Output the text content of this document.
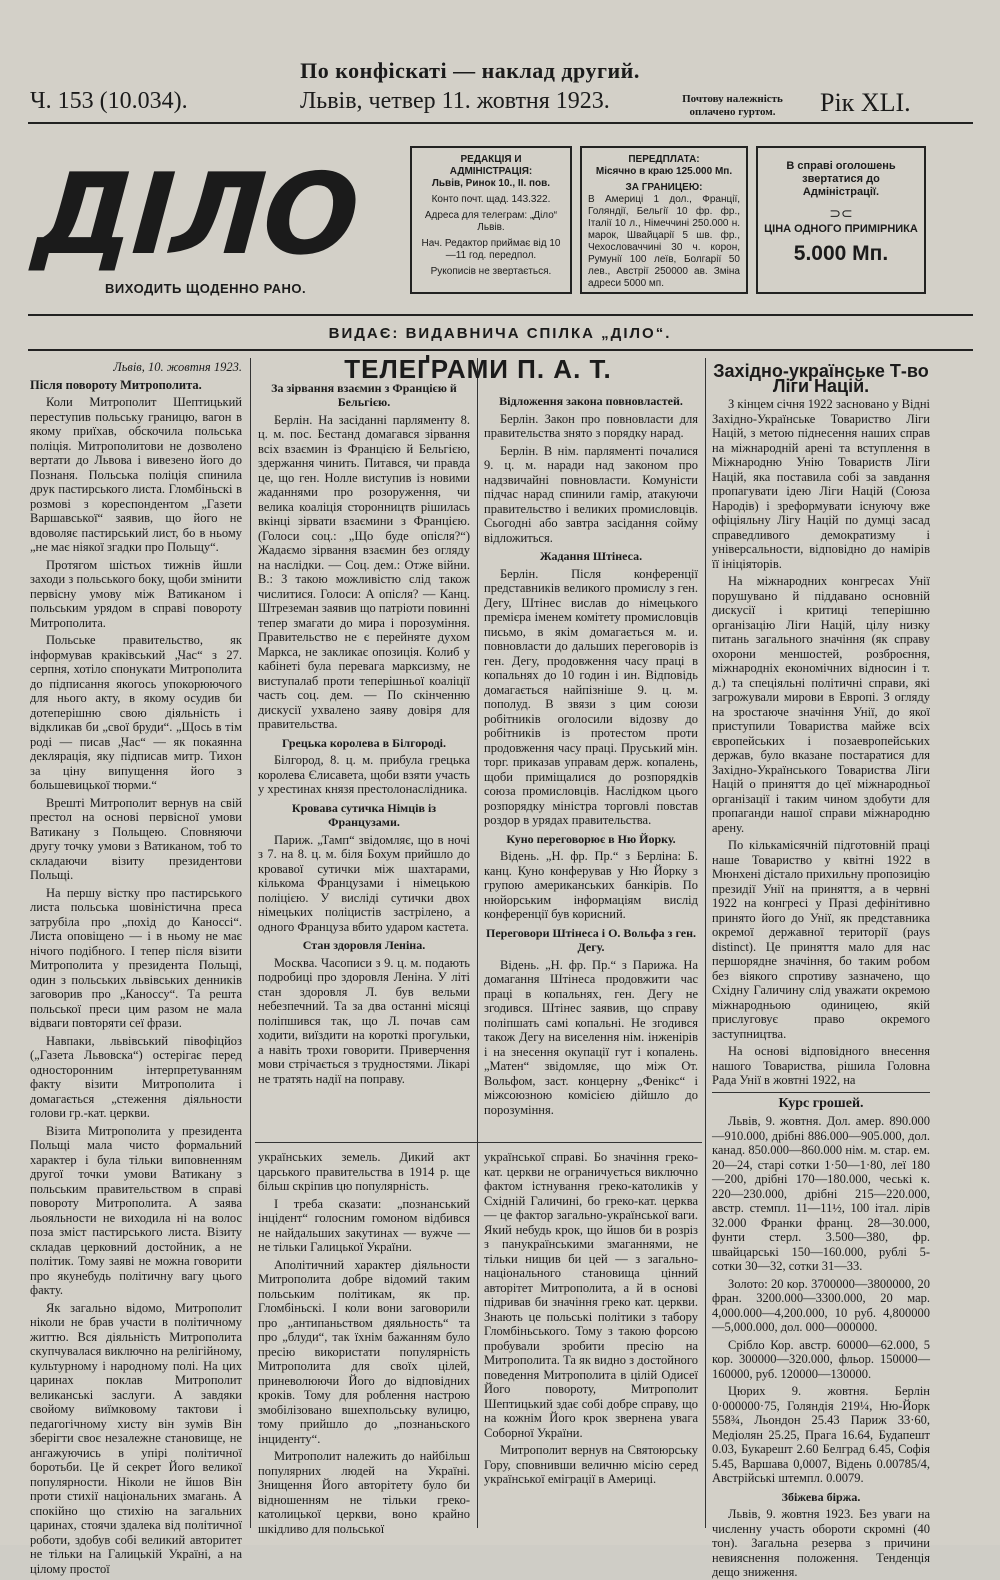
По конфіскаті — наклад другий.
Ч. 153 (10.034).	Львів, четвер 11. жовтня 1923.	Почтову належність оплачено гуртом.	Рік XLI.
ДІЛО
ВИХОДИТЬ ЩОДЕННО РАНО.
РЕДАКЦІЯ И АДМІНІСТРАЦІЯ:
Львів, Ринок 10., II. пов.
Конто почт. щад. 143.322.
Адреса для телеграм: „Діло“ Львів.
Нач. Редактор приймає від 10—11 год. передпол.
Рукописів не звертається.
ПЕРЕДПЛАТА:
Місячно в краю 125.000 Мп.
ЗА ГРАНИЦЕЮ:
В Америці 1 дол., Франції, Голяндії, Бельгії 10 фр. фр., Італії 10 л., Німеччині 250.000 н. марок, Швайцарії 5 шв. фр., Чехословаччині 30 ч. корон, Румунії 100 леїв, Болгарії 50 лев., Австрії 250000 ав. Зміна адреси 5000 мп.
В справі оголошень звертатися до Адміністрації.
⊃⊂
ЦІНА ОДНОГО ПРИМІРНИКА
5.000 Мп.
ВИДАЄ: ВИДАВНИЧА СПІЛКА „ДІЛО“.
Львів, 10. жовтня 1923.

Після повороту Митрополита.

Коли Митрополит Шептицький переступив польську границю, вагон в якому приїхав, обскочила польська поліція. Митрополитови не дозволено вертати до Львова і вивезено його до Познаня. Польська поліція спинила друк пастирського листа. Гломбіньскі в розмові з кореспондентом „Газети Варшавської“ заявив, що його не вдоволяє пастирський лист, бо в ньому „не має ніякої згадки про Польщу“.

Протягом шістьох тижнів йшли заходи з польського боку, щоби змінити первісну умову між Ватиканом і польським урядом в справі повороту Митрополита.

Польське правительство, як інформував краківський „Час“ з 27. серпня, хотіло спонукати Митрополита до підписання якогось упокорюючого для нього акту, в якому осудив би дотеперішню свою діяльність і відкликав би „свої бруди“. „Щось в тім роді — писав „Час“ — як покаянна деклярація, яку підписав митр. Тихон за ціну випущення його з большевицької тюрми.“

Врешті Митрополит вернув на свій престол на основі первісної умови Ватикану з Польщею. Сповняючи другу точку умови з Ватиканом, тоб то складаючи візиту президентови Польщі.

На першу вістку про пастирського листа польська шовіністична преса затрубіла про „похід до Каноссі“. Листа оповіщено — і в ньому не має нічого подібного. І тепер після візити Митрополита у президента Польщі, один з польських львівських денників заговорив про „Каноссу“. Та решта польської преси цим разом не мала відваги повторяти сеї фрази.

Навпаки, львівський півофіцйоз („Газета Львовска“) остерігає перед односторонним інтерпретуванням факту візити Митрополита і домагається „стеження діяльности голови гр.-кат. церкви.

Візита Митрополита у президента Польщі мала чисто формальний характер і була тільки виповненням другої точки умови Ватикану з польським правительством в справі повороту Митрополита. А заява льояльности не виходила ні на волос поза зміст пастирського листа. Візиту складав церковний достойник, а не політик. Тому заяві не можна говорити про якунебудь політичну вагу цього факту.

Як загально відомо, Митрополит ніколи не брав участи в політичному життю. Вся діяльність Митрополита скупчувалася виключно на релігійному, культурному і народному полі. На цих царинах поклав Митрополит великанські заслуги. А завдяки свойому виїмковому тактови і педагогічному хисту він зумів Він зберігти своє незалежне становище, не ангажуючись в упірі політичної боротьби. Це й секрет Його великої популярности. Ніколи не йшов Він проти стихії національних змагань. А спокійно що стихію на загальних царинах, стоячи здалека від політичної роботи, здобув собі великий авторитет не тільки на Галицькій Україні, а на цілому простої

ТЕЛЕҐРАМИ П. А. Т.
За зірвання взаємин з Францією й Бельгією.

Берлін. На засіданні парляменту 8. ц. м. пос. Бестанд домагався зірвання всіх взаємин із Францією й Бельгією, здержання чинить. Питався, чи правда це, що ген. Нолле виступив із новими жаданнями про розоруження, чи велика коаліція сторонництв рішилась вкінці зірвати взаємини з Францією. (Голоси соц.: „Що буде опісля?“) Жадаємо зірвання взаємин без огляду на наслідки. — Соц. дем.: Отже війни. В.: З такою можливістю слід також числитися. Голоси: А опісля? — Канц. Штреземан заявив що патріоти повинні тепер змагати до мира і порозуміння. Правительство не є перейняте духом Маркса, не закликає опозиція. Колиб у кабінеті була перевага марксизму, не виступалаб проти теперішньої коаліції часть соц. дем. — По скінченню дискусії ухвалено заяву довіря для правительства.

Грецька королева в Білгороді.

Білгород, 8. ц. м. прибула грецька королева Єлисавета, щоби взяти участь у хрестинах князя престолонаслідника.

Кровава сутичка Німців із Французами.

Париж. „Тамп“ звідомляє, що в ночі з 7. на 8. ц. м. біля Бохум прийшло до кровавої сутички між шахтарами, кількома Французами і німецькою поліцією. У висліді сутички двох німецьких поліцистів застрілено, а одного Француза вбито ударом кастета.

Стан здоровля Леніна.

Москва. Часописи з 9. ц. м. подають подробиці про здоровля Леніна. У літі стан здоровля Л. був вельми небезпечний. Та за два останні місяці поліпшився так, що Л. почав сам ходити, виїздити на короткі прогульки, а навіть трохи говорити. Приверчення мови стрічається з трудностями. Лікарі не тратять надії на поправу.

Відложення закона повновластей.

Берлін. Закон про повновласти для правительства знято з порядку нарад.

Берлін. В нім. парляменті почалися 9. ц. м. наради над законом про надзвичайні повновласти. Комуністи підчас нарад спинили гамір, атакуючи правительство і великих промисловців. Сьогодні або завтра засідання соймy відложиться.

Жадання Штінеса.

Берлін. Після конференції представників великого промислу з ген. Дегу, Штінес вислав до німецького премієра іменем комітету промисловців письмо, в якім домагається м. и. повновласти до дальших переговорів із ген. Дегу, продовження часу праці в копальнях до 10 годин і ин. Відповідь домагається найпізніше 9. ц. м. пополуд. В звязи з цим союзи робітників оголосили відозву до робітників із протестом проти продовження часу праці. Пруський мін. торг. приказав управам держ. копалень, щоби приміщалися до розпорядків союза промисловців. Наслідком цього розпорядку міністра торговлі повстав роздор в урядах правительства.

Куно переговорює в Ню Йорку.

Відень. „Н. фр. Пр.“ з Берліна: Б. канц. Куно конферував у Ню Йорку з групою американських банкірів. По нюйорським інформаціям вислід конференції був корисний.

Переговори Штінеса і О. Вольфа з ген. Дегу.

Відень. „Н. фр. Пр.“ з Парижа. На домагання Штінеса продовжити час праці в копальнях, ген. Дегу не згодився. Штінес заявив, що справу поліпшать самі копальні. Не згодився також Дегу на виселення нім. інженірів і на знесення окупації гут і копалень. „Матен“ звідомляє, що між От. Вольфом, заст. концерну „Фенікс“ і міжсоюзною комісією дійшло до порозуміння.

українських земель. Дикий акт царського правительства в 1914 р. ще більш скріпив цю популярність.

І треба сказати: „познанський інцідент“ голосним гомоном відбився не найдальших закутинах — вужче — не тільки Галицької України.

Аполітичний характер діяльности Митрополита добре відомий таким польським політикам, як пр. Гломбіньскі. І коли вони заговорили про „антипаньством дяяльность“ та про „блуди“, так їхнім бажанням було пресію використати популярність Митрополита для своїх цілей, приневолюючи Його до відповідних кроків. Тому для роблення настрою змобілізовано вшехпольську вулицю, тому прийшло до „познаньского інциденту“.

Митрополит належить до найбільш популярних людей на Україні. Знищення Його авторітету було би відношенням не тільки греко-католицької церкви, воно крайно шкідливо для польської

української справі. Бо значіння греко-кат. церкви не ограничується виключно фактом істнування греко-католиків у Східній Галичині, бо греко-кат. церква — це фактор загально-українськoї ваги. Який небудь крок, що йшов би в розріз з панукраїнськими змаганнями, не тільки нищив би цей — з загально-національного становища цінний авторітет Митрополита, а й в основі підривав би значіння греко кат. церкви. Знають це польські політики з табору Гломбіньського. Тому з такою форсою пробували зробити пресію на Митрополита. Та як видно з достойного поведення Митрополита в цілій Одисеї Його повороту, Митрополит Шептицький здає собі добре справу, що на кожнім Його крок звернена увага Соборної України.

Митрополит вернув на Святоюрську Гору, сповнивши величню місію серед української еміграції в Америці.

Західно-українське Т-во Ліги Націй.

З кінцем січня 1922 засновано у Відні Західно-Українське Товариство Ліги Націй, з метою піднесення наших справ на міжнародній арені та вступлення в Міжнародню Унію Товариств Ліги Націй, яка поставила собі за завдання пропагувати ідею Ліги Націй (Союза Народів) і зреформувати існуючу вже офіціяльну Лігу Націй по думці засад справедливого демократизму і універсальности, відповідно до намірів її ініціяторів.

На міжнародних конгресах Унії порушувано й піддавано основній дискусії і критиці теперішню організацію Ліги Націй, цілу низку питань загального значіння (як справу охорони меншостей, розброєння, міжнародніх економічних відносин і т. д.) та спеціяльні політичні справи, які загрожували мирови в Европі. З огляду на зростаюче значіння Унії, до якої приступили Товариства майже всіх європейських і позаевропейських держав, було вказане постаратися для Західно-Українського Товариства Ліги Націй о приняття до цеї міжнародньої організації і таким чином здобути для пропаганди нашої справи міжнародню арену.

По кількамісячній підготовній праці наше Товариство у квітні 1922 в Мюнхені дістало прихильну пропозицію президії Унії на приняття, а в червні 1922 на конгресі у Празі дефінітивно принято його до Унії, як представника окремої державної території (pays distinct). Це приняття мало для нас першорядне значіння, бо таким робом без віякого спротиву зазначено, що Східну Галичину слід уважати окремою міжнародньою одиницею, якій прислуговує право окремого заступництва.

На основі відповідного внесення нашого Товариства, рішила Головна Рада Унії в жовтні 1922, на

Курс грошей.

Львів, 9. жовтня. Дол. амер. 890.000—910.000, дрібні 886.000—905.000, дол. канад. 850.000—860.000 нім. м. стар. ем. 20—24, старі сотки 1·50—1·80, леї 180—200, дрібні 170—180.000, чеські к. 220—230.000, дрібні 215—220.000, австр. стемпл. 11—11½, 100 італ. лірів 32.000 Франки франц. 28—30.000, фунти стерл. 3.500—380, фр. швайцарські 150—160.000, рублі 5-сотки 30—32, сотки 31—33.

Золото: 20 кор. 3700000—3800000, 20 фран. 3200.000—3300.000, 20 мар. 4,000.000—4,200.000, 10 руб. 4,800000—5,000.000, дол. 000—000000.

Срібло Кор. австр. 60000—62.000, 5 кор. 300000—320.000, фльор. 150000—160000, руб. 120000—130000.

Цюрих 9. жовтня. Берлін 0·000000·75, Голяндія 219¼, Ню-Йорк 558¾, Льондон 25.43 Париж 33·60, Медіолян 25.25, Прага 16.64, Будапешт 0.03, Букарешт 2.60 Белград 6.45, Софія 5.45, Варшава 0,0007, Відень 0.00785/4, Австрійські штемпл. 0.0079.

Збіжева біржа.

Львів, 9. жовтня 1923. Без уваги на численну участь обороти скромні (40 тон). Загальна резерва з причини невияснення положення. Тенденція дещо зниження.
